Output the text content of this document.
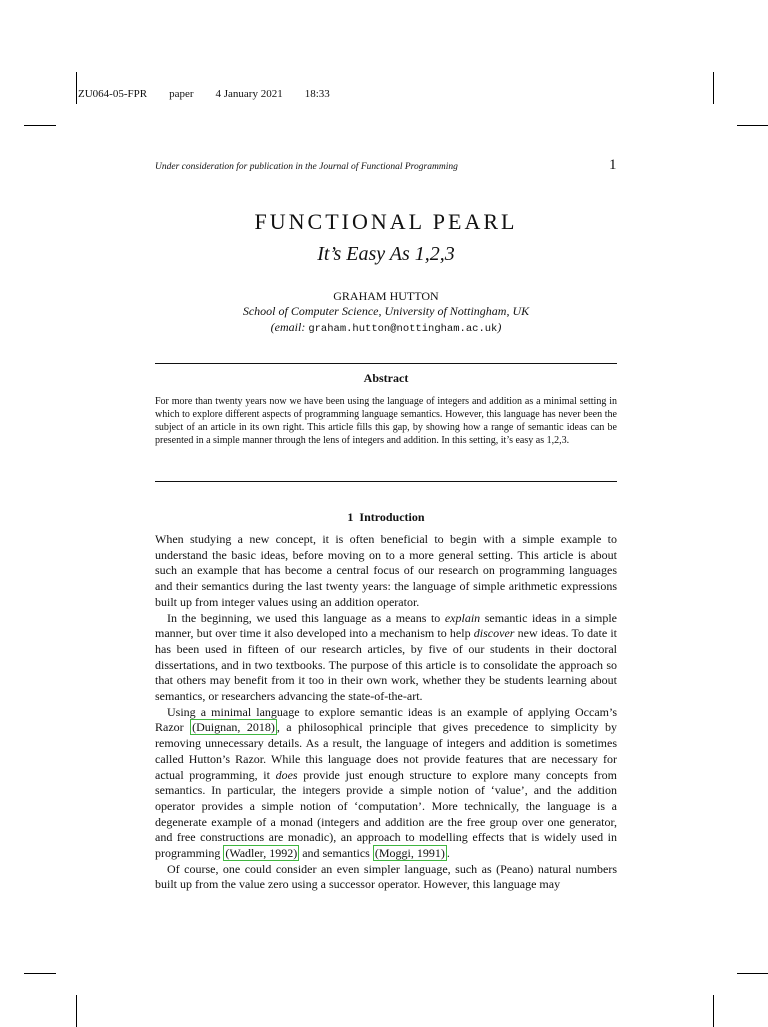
ZU064-05-FPR paper 4 January 2021 18:33
Under consideration for publication in the Journal of Functional Programming	1
FUNCTIONAL PEARL
It’s Easy As 1,2,3
GRAHAM HUTTON
School of Computer Science, University of Nottingham, UK
(email: graham.hutton@nottingham.ac.uk)
Abstract
For more than twenty years now we have been using the language of integers and addition as a minimal setting in which to explore different aspects of programming language semantics. However, this language has never been the subject of an article in its own right. This article fills this gap, by showing how a range of semantic ideas can be presented in a simple manner through the lens of integers and addition. In this setting, it’s easy as 1,2,3.
1 Introduction

When studying a new concept, it is often beneficial to begin with a simple example to understand the basic ideas, before moving on to a more general setting. This article is about such an example that has become a central focus of our research on programming languages and their semantics during the last twenty years: the language of simple arithmetic expressions built up from integer values using an addition operator.

In the beginning, we used this language as a means to explain semantic ideas in a simple manner, but over time it also developed into a mechanism to help discover new ideas. To date it has been used in fifteen of our research articles, by five of our students in their doctoral dissertations, and in two textbooks. The purpose of this article is to consolidate the approach so that others may benefit from it too in their own work, whether they be students learning about semantics, or researchers advancing the state-of-the-art.

Using a minimal language to explore semantic ideas is an example of applying Occam’s Razor (Duignan, 2018) , a philosophical principle that gives precedence to simplicity by removing unnecessary details. As a result, the language of integers and addition is sometimes called Hutton’s Razor. While this language does not provide features that are necessary for actual programming, it does provide just enough structure to explore many concepts from semantics. In particular, the integers provide a simple notion of ‘value’, and the addition operator provides a simple notion of ‘computation’. More technically, the language is a degenerate example of a monad (integers and addition are the free group over one generator, and free constructions are monadic), an approach to modelling effects that is widely used in programming (Wadler, 1992) and semantics (Moggi, 1991) .

Of course, one could consider an even simpler language, such as (Peano) natural numbers built up from the value zero using a successor operator. However, this language may
